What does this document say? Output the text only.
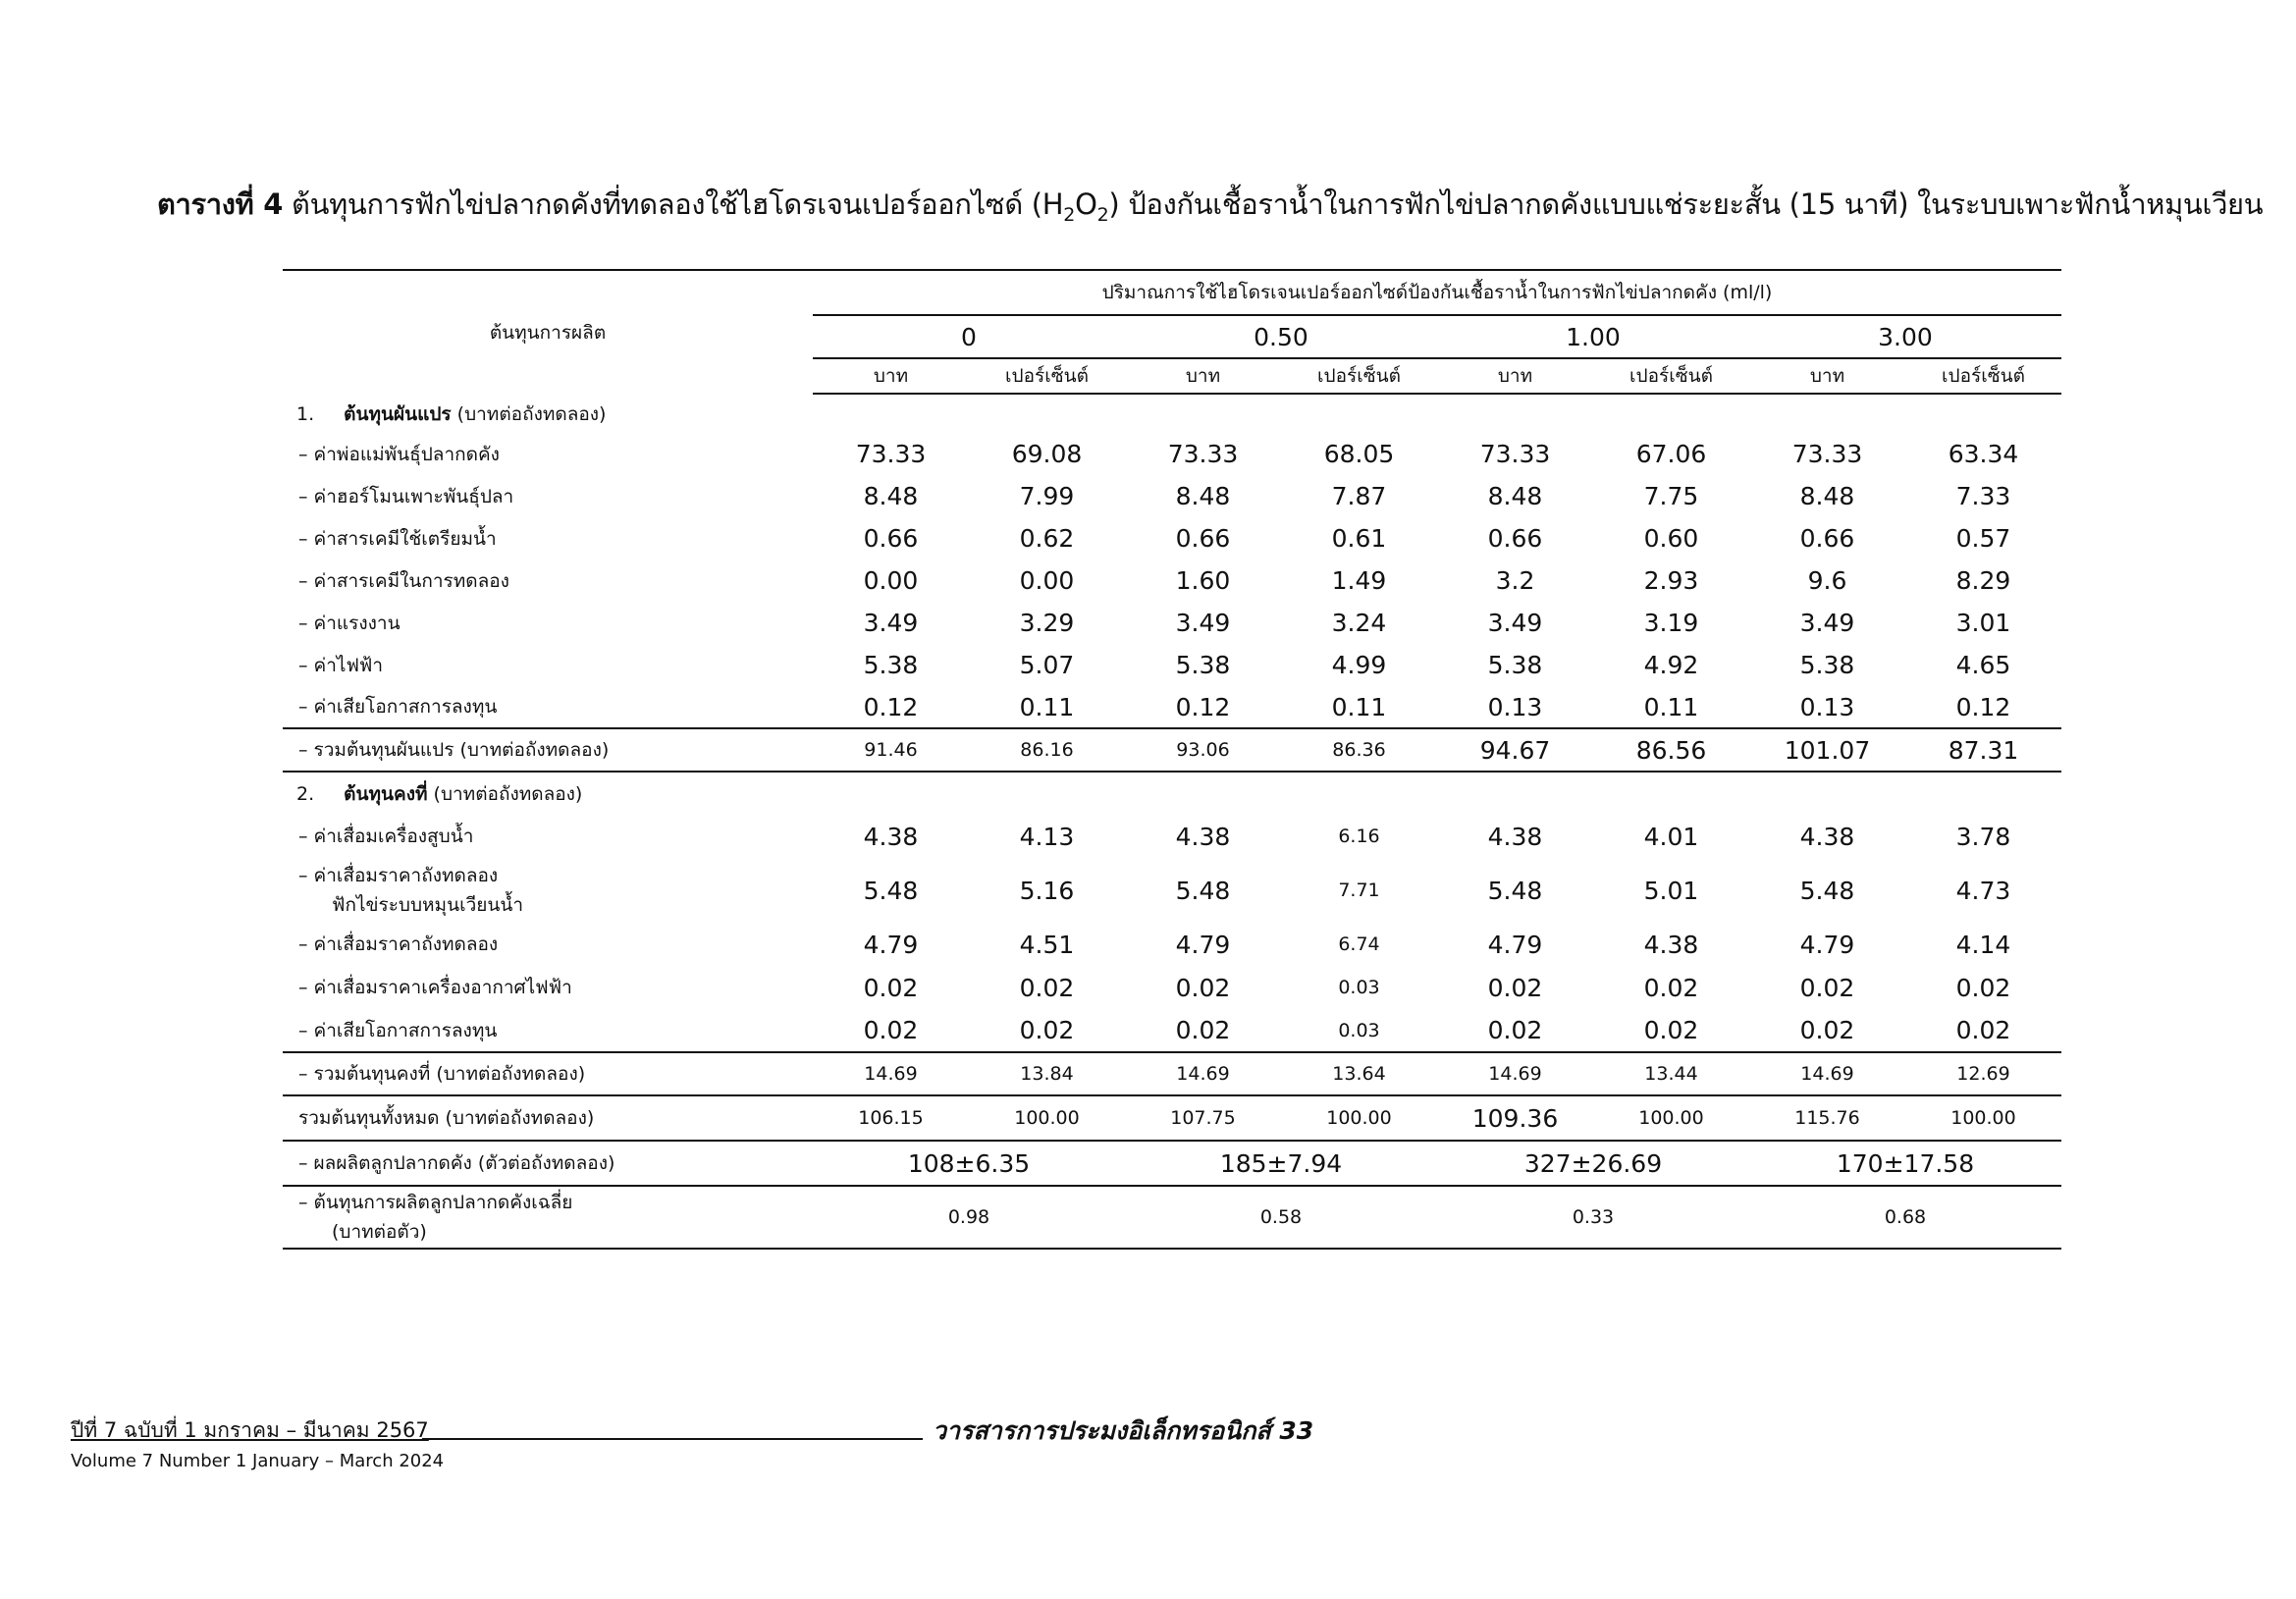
ตารางที่ 4 ต้นทุนการฟักไข่ปลากดคังที่ทดลองใช้ไฮโดรเจนเปอร์ออกไซด์ $(H_2O_2)$ ป้องกันเชื้อราน้ำในการฟักไข่ปลากดคังแบบแช่ระยะสั้น (15 นาที) ในระบบเพาะฟักน้ำหมุนเวียน
ต้นทุนการผลิต	ปริมาณการใช้ไฮโดรเจนเปอร์ออกไซด์ป้องกันเชื้อราน้ำในการฟักไข่ปลากดคัง (ml/l)							
	0		0.50		1.00		3.00	
	บาท	เปอร์เซ็นต์	บาท	เปอร์เซ็นต์	บาท	เปอร์เซ็นต์	บาท	เปอร์เซ็นต์
1. ต้นทุนผันแปร (บาทต่อถังทดลอง)								
– ค่าพ่อแม่พันธุ์ปลากดคัง	73.33	69.08	73.33	68.05	73.33	67.06	73.33	63.34
– ค่าฮอร์โมนเพาะพันธุ์ปลา	8.48	7.99	8.48	7.87	8.48	7.75	8.48	7.33
– ค่าสารเคมีใช้เตรียมน้ำ	0.66	0.62	0.66	0.61	0.66	0.60	0.66	0.57
– ค่าสารเคมีในการทดลอง	0.00	0.00	1.60	1.49	3.2	2.93	9.6	8.29
– ค่าแรงงาน	3.49	3.29	3.49	3.24	3.49	3.19	3.49	3.01
– ค่าไฟฟ้า	5.38	5.07	5.38	4.99	5.38	4.92	5.38	4.65
– ค่าเสียโอกาสการลงทุน	0.12	0.11	0.12	0.11	0.13	0.11	0.13	0.12
– รวมต้นทุนผันแปร (บาทต่อถังทดลอง)	91.46	86.16	93.06	86.36	94.67	86.56	101.07	87.31
2. ต้นทุนคงที่ (บาทต่อถังทดลอง)								
– ค่าเสื่อมเครื่องสูบน้ำ	4.38	4.13	4.38	6.16	4.38	4.01	4.38	3.78
– ค่าเสื่อมราคาถังทดลอง
ฟักไข่ระบบหมุนเวียนน้ำ	5.48	5.16	5.48	7.71	5.48	5.01	5.48	4.73
– ค่าเสื่อมราคาถังทดลอง	4.79	4.51	4.79	6.74	4.79	4.38	4.79	4.14
– ค่าเสื่อมราคาเครื่องอากาศไฟฟ้า	0.02	0.02	0.02	0.03	0.02	0.02	0.02	0.02
– ค่าเสียโอกาสการลงทุน	0.02	0.02	0.02	0.03	0.02	0.02	0.02	0.02
– รวมต้นทุนคงที่ (บาทต่อถังทดลอง)	14.69	13.84	14.69	13.64	14.69	13.44	14.69	12.69
รวมต้นทุนทั้งหมด (บาทต่อถังทดลอง)	106.15	100.00	107.75	100.00	109.36	100.00	115.76	100.00
– ผลผลิตลูกปลากดคัง (ตัวต่อถังทดลอง)	108±6.35		185±7.94		327±26.69		170±17.58	
– ต้นทุนการผลิตลูกปลากดคังเฉลี่ย
(บาทต่อตัว)	0.98		0.58		0.33		0.68	
ปีที่ 7 ฉบับที่ 1 มกราคม – มีนาคม 2567	วารสารการประมงอิเล็กทรอนิกส์ 33
Volume 7 Number 1 January – March 2024
